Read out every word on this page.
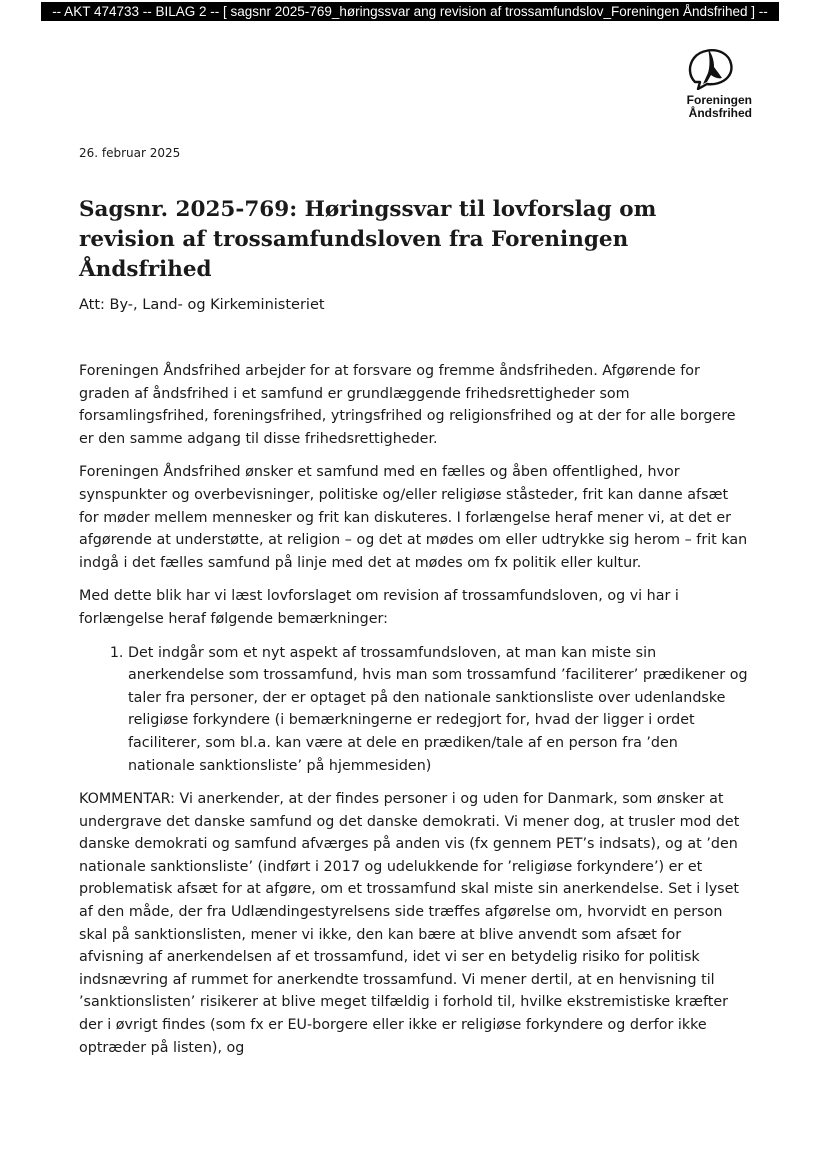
-- AKT 474733 -- BILAG 2 -- [ sagsnr 2025-769_høringssvar ang revision af trossamfundslov_Foreningen Åndsfrihed ] --
Foreningen
Åndsfrihed
26. februar 2025
Sagsnr. 2025-769: Høringssvar til lovforslag om revision af trossamfundsloven fra Foreningen Åndsfrihed
Att: By-, Land- og Kirkeministeriet

Foreningen Åndsfrihed arbejder for at forsvare og fremme åndsfriheden. Afgørende for graden af åndsfrihed i et samfund er grundlæggende frihedsrettigheder som forsamlingsfrihed, foreningsfrihed, ytringsfrihed og religionsfrihed og at der for alle borgere er den samme adgang til disse frihedsrettigheder.

Foreningen Åndsfrihed ønsker et samfund med en fælles og åben offentlighed, hvor synspunkter og overbevisninger, politiske og/eller religiøse ståsteder, frit kan danne afsæt for møder mellem mennesker og frit kan diskuteres. I forlængelse heraf mener vi, at det er afgørende at understøtte, at religion – og det at mødes om eller udtrykke sig herom – frit kan indgå i det fælles samfund på linje med det at mødes om fx politik eller kultur.

Med dette blik har vi læst lovforslaget om revision af trossamfundsloven, og vi har i forlængelse heraf følgende bemærkninger:

1. Det indgår som et nyt aspekt af trossamfundsloven, at man kan miste sin anerkendelse som trossamfund, hvis man som trossamfund ’faciliterer’ prædikener og taler fra personer, der er optaget på den nationale sanktionsliste over udenlandske religiøse forkyndere (i bemærkningerne er redegjort for, hvad der ligger i ordet faciliterer, som bl.a. kan være at dele en prædiken/tale af en person fra ’den nationale sanktionsliste’ på hjemmesiden)

KOMMENTAR: Vi anerkender, at der findes personer i og uden for Danmark, som ønsker at undergrave det danske samfund og det danske demokrati. Vi mener dog, at trusler mod det danske demokrati og samfund afværges på anden vis (fx gennem PET’s indsats), og at ’den nationale sanktionsliste’ (indført i 2017 og udelukkende for ’religiøse forkyndere’) er et problematisk afsæt for at afgøre, om et trossamfund skal miste sin anerkendelse. Set i lyset af den måde, der fra Udlændingestyrelsens side træffes afgørelse om, hvorvidt en person skal på sanktionslisten, mener vi ikke, den kan bære at blive anvendt som afsæt for afvisning af anerkendelsen af et trossamfund, idet vi ser en betydelig risiko for politisk indsnævring af rummet for anerkendte trossamfund. Vi mener dertil, at en henvisning til ’sanktionslisten’ risikerer at blive meget tilfældig i forhold til, hvilke ekstremistiske kræfter der i øvrigt findes (som fx er EU-borgere eller ikke er religiøse forkyndere og derfor ikke optræder på listen), og
